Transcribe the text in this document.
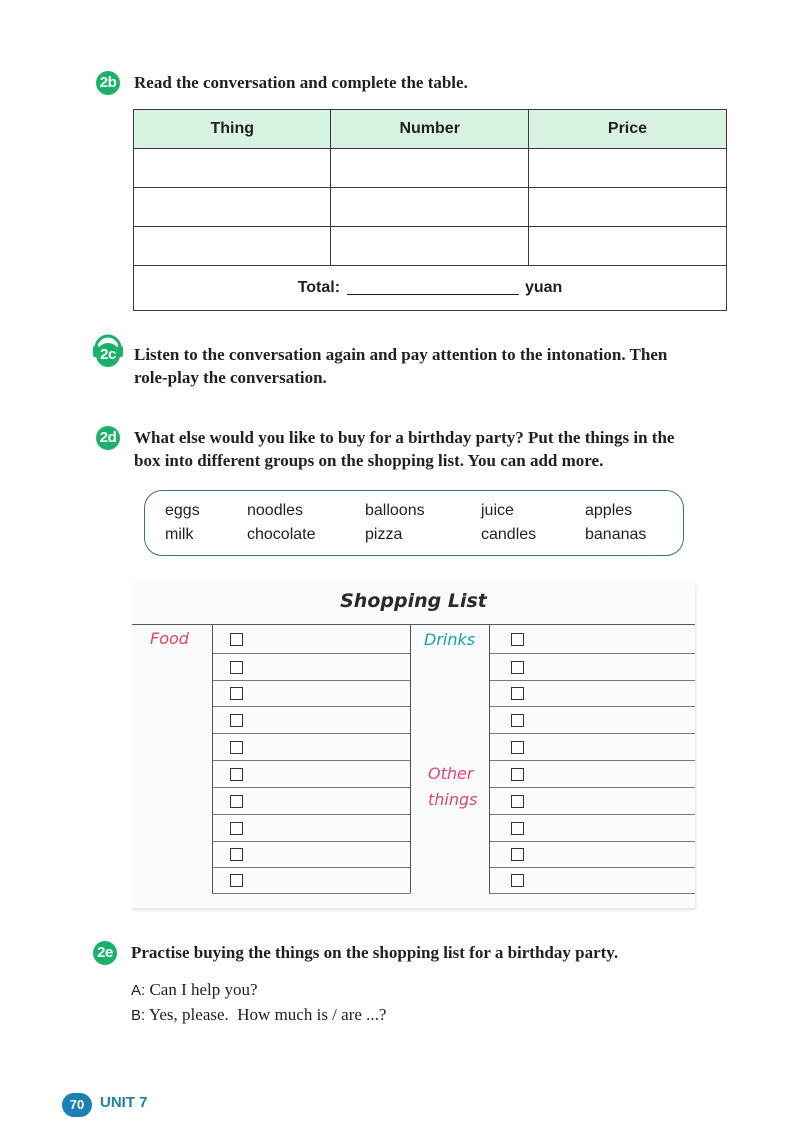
2b Read the conversation and complete the table.
Thing	Number	Price

Total: yuan		
2c Listen to the conversation again and pay attention to the intonation. Then
role-play the conversation.
2d What else would you like to buy for a birthday party? Put the things in the
box into different groups on the shopping list. You can add more.
eggs	noodles	balloons	juice	apples
milk	chocolate	pizza	candles	bananas
Shopping List
Food	Drinks
Other
things
2e Practise buying the things on the shopping list for a birthday party.
A: Can I help you?
B: Yes, please.  How much is / are ...?
70	UNIT 7
